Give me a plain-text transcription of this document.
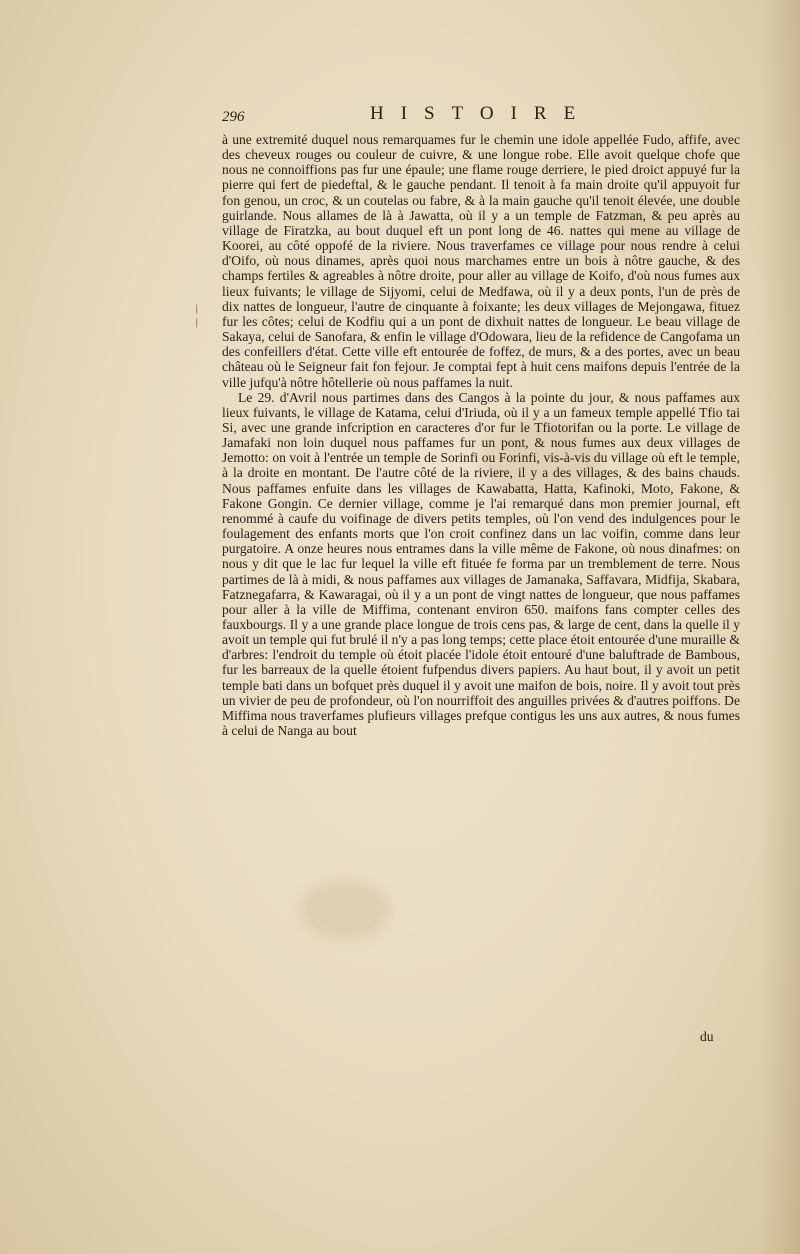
296	HISTOIRE
ꞁ
ꞁ

à une extremité duquel nous remarquames fur le chemin une idole appellée Fudo, affife, avec des cheveux rouges ou couleur de cuivre, & une longue robe. Elle avoit quelque chofe que nous ne connoiffions pas fur une épaule; une flame rouge derriere, le pied droict appuyé fur la pierre qui fert de piedeftal, & le gauche pendant. Il tenoit à fa main droite qu'il appuyoit fur fon genou, un croc, & un coutelas ou fabre, & à la main gauche qu'il tenoit élevée, une double guirlande. Nous allames de là à Jawatta, où il y a un temple de Fatzman, & peu après au village de Firatzka, au bout duquel eft un pont long de 46. nattes qui mene au village de Koorei, au côté oppofé de la riviere. Nous traverfames ce village pour nous rendre à celui d'Oifo, où nous dinames, après quoi nous marchames entre un bois à nôtre gauche, & des champs fertiles & agreables à nôtre droite, pour aller au village de Koifo, d'où nous fumes aux lieux fuivants; le village de Sijyomi, celui de Medfawa, où il y a deux ponts, l'un de près de dix nattes de longueur, l'autre de cinquante à foixante; les deux villages de Mejongawa, fituez fur les côtes; celui de Kodfiu qui a un pont de dixhuit nattes de longueur. Le beau village de Sakaya, celui de Sanofara, & enfin le village d'Odowara, lieu de la refidence de Cangofama un des confeillers d'état. Cette ville eft entourée de foffez, de murs, & a des portes, avec un beau château où le Seigneur fait fon fejour. Je comptai fept à huit cens maifons depuis l'entrée de la ville jufqu'à nôtre hôtellerie où nous paffames la nuit.

Le 29. d'Avril nous partimes dans des Cangos à la pointe du jour, & nous paffames aux lieux fuivants, le village de Katama, celui d'Iriuda, où il y a un fameux temple appellé Tfio tai Si, avec une grande infcription en caracteres d'or fur le Tfiotorifan ou la porte. Le village de Jamafaki non loin duquel nous paffames fur un pont, & nous fumes aux deux villages de Jemotto: on voit à l'entrée un temple de Sorinfi ou Forinfi, vis-à-vis du village où eft le temple, à la droite en montant. De l'autre côté de la riviere, il y a des villages, & des bains chauds. Nous paffames enfuite dans les villages de Kawabatta, Hatta, Kafinoki, Moto, Fakone, & Fakone Gongin. Ce dernier village, comme je l'ai remarqué dans mon premier journal, eft renommé à caufe du voifinage de divers petits temples, où l'on vend des indulgences pour le foulagement des enfants morts que l'on croit confinez dans un lac voifin, comme dans leur purgatoire. A onze heures nous entrames dans la ville même de Fakone, où nous dinafmes: on nous y dit que le lac fur lequel la ville eft fituée fe forma par un tremblement de terre. Nous partimes de là à midi, & nous paffames aux villages de Jamanaka, Saffavara, Midfija, Skabara, Fatznegafarra, & Kawaragai, où il y a un pont de vingt nattes de longueur, que nous paffames pour aller à la ville de Miffima, contenant environ 650. maifons fans compter celles des fauxbourgs. Il y a une grande place longue de trois cens pas, & large de cent, dans la quelle il y avoit un temple qui fut brulé il n'y a pas long temps; cette place étoit entourée d'une muraille & d'arbres: l'endroit du temple où étoit placée l'idole étoit entouré d'une baluftrade de Bambous, fur les barreaux de la quelle étoient fufpendus divers papiers. Au haut bout, il y avoit un petit temple bati dans un bofquet près duquel il y avoit une maifon de bois, noire. Il y avoit tout près un vivier de peu de profondeur, où l'on nourriffoit des anguilles privées & d'autres poiffons. De Miffima nous traverfames plufieurs villages prefque contigus les uns aux autres, & nous fumes à celui de Nanga au bout

du
